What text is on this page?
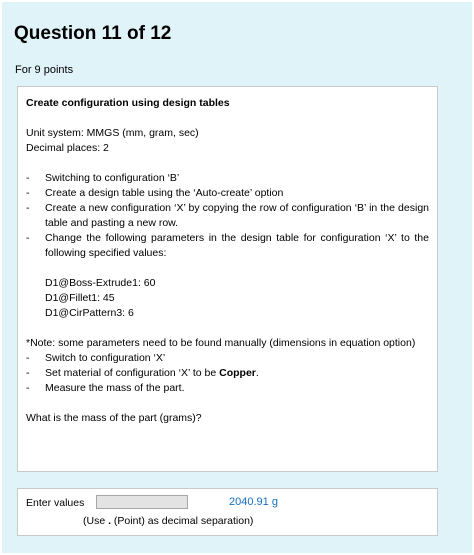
Question 11 of 12
For 9 points
Create configuration using design tables
Unit system: MMGS (mm, gram, sec)
Decimal places: 2
-	Switching to configuration ‘B’
-	Create a design table using the ‘Auto-create’ option
-	Create a new configuration ‘X’ by copying the row of configuration ‘B’ in the design table and pasting a new row.
-	Change the following parameters in the design table for configuration ‘X’ to the following specified values:
D1@Boss-Extrude1: 60
D1@Fillet1: 45
D1@CirPattern3: 6
*Note: some parameters need to be found manually (dimensions in equation option)
-	Switch to configuration ‘X’
-	Set material of configuration ‘X’ to be Copper.
-	Measure the mass of the part.
What is the mass of the part (grams)?
Enter values	2040.91 g
(Use . (Point) as decimal separation)
